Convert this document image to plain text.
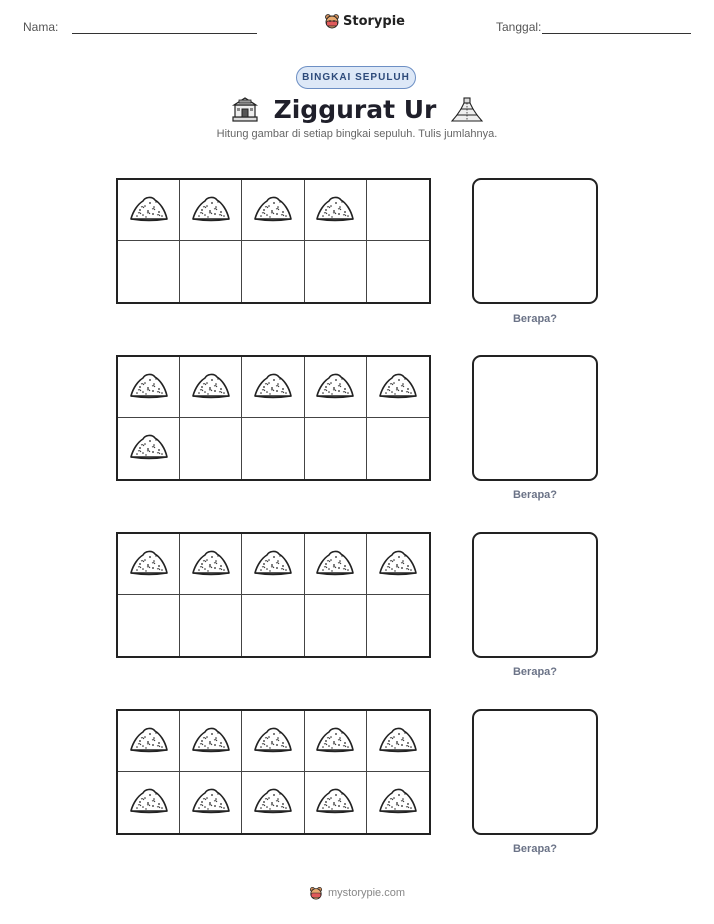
Nama:	Storypie	Tanggal:
BINGKAI SEPULUH
Ziggurat Ur
Hitung gambar di setiap bingkai sepuluh. Tulis jumlahnya.
Berapa?
Berapa?
Berapa?
Berapa?
mystorypie.com
